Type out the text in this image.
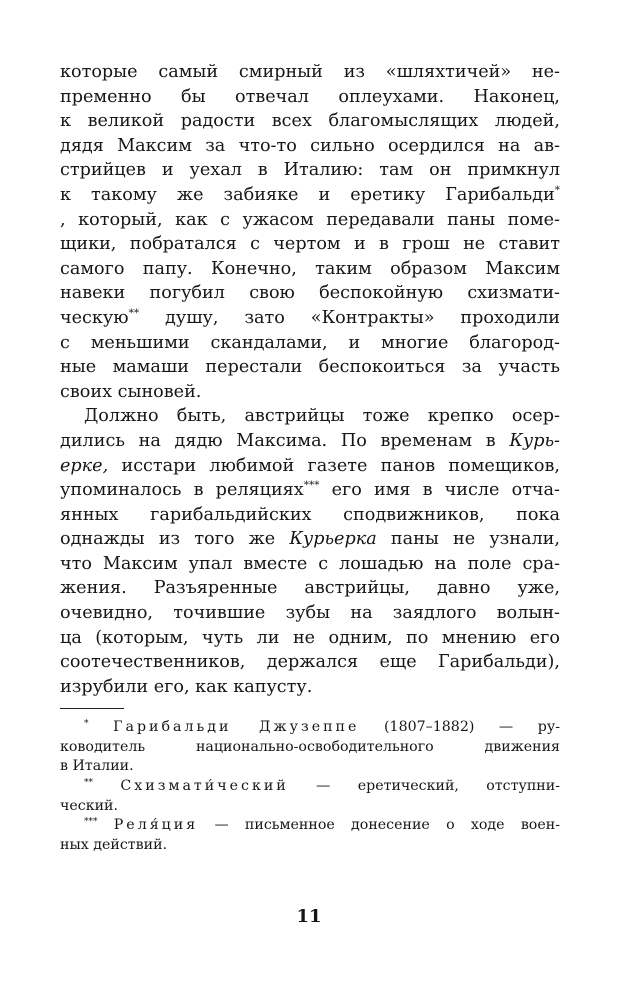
которые самый смирный из «шляхтичей» не-
пременно бы отвечал оплеухами. Наконец,
к великой радости всех благомыслящих людей,
дядя Максим за что-то сильно осердился на ав-
стрийцев и уехал в Италию: там он примкнул
к такому же забияке и еретику Гарибальди*
, который, как с ужасом передавали паны поме-
щики, побратался с чертом и в грош не ставит
самого папу. Конечно, таким образом Максим
навеки погубил свою беспокойную схизмати-
ческую** душу, зато «Контракты» проходили
с меньшими скандалами, и многие благород-
ные мамаши перестали беспокоиться за участь
своих сыновей.
Должно быть, австрийцы тоже крепко осер-
дились на дядю Максима. По временам в Курь-
ерке, исстари любимой газете панов помещиков,
упоминалось в реляциях*** его имя в числе отча-
янных гарибальдийских сподвижников, пока
однажды из того же Курьерка паны не узнали,
что Максим упал вместе с лошадью на поле сра-
жения. Разъяренные австрийцы, давно уже,
очевидно, точившие зубы на заядлого волын-
ца (которым, чуть ли не одним, по мнению его
соотечественников, держался еще Гарибальди),
изрубили его, как капусту.
* Гарибальди Джузеппе (1807–1882) — ру-
ководитель национально-освободительного движения
в Италии.
** Схизмати́ческий — еретический, отступни-
ческий.
*** Реля́ция — письменное донесение о ходе воен-
ных действий.
11
